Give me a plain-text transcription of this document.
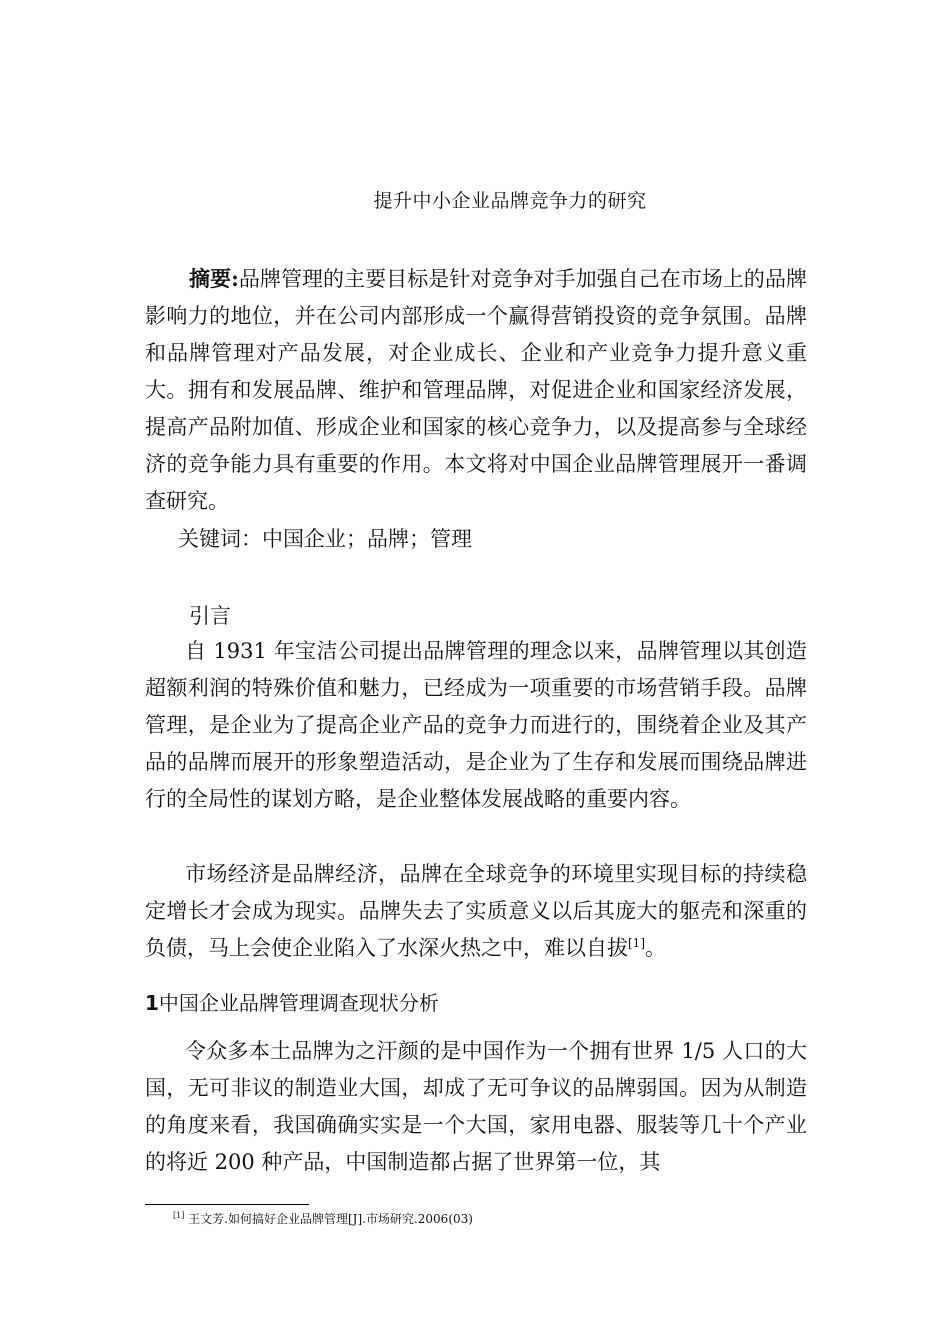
提升中小企业品牌竞争力的研究

摘要:品牌管理的主要目标是针对竞争对手加强自己在市场上的品牌影响力的地位，并在公司内部形成一个赢得营销投资的竞争氛围。品牌和品牌管理对产品发展，对企业成长、企业和产业竞争力提升意义重大。拥有和发展品牌、维护和管理品牌，对促进企业和国家经济发展，提高产品附加值、形成企业和国家的核心竞争力，以及提高参与全球经济的竞争能力具有重要的作用。本文将对中国企业品牌管理展开一番调查研究。

关键词：中国企业；品牌；管理

引言

自 1931 年宝洁公司提出品牌管理的理念以来，品牌管理以其创造超额利润的特殊价值和魅力，已经成为一项重要的市场营销手段。品牌管理，是企业为了提高企业产品的竞争力而进行的，围绕着企业及其产品的品牌而展开的形象塑造活动，是企业为了生存和发展而围绕品牌进行的全局性的谋划方略，是企业整体发展战略的重要内容。

市场经济是品牌经济，品牌在全球竞争的环境里实现目标的持续稳定增长才会成为现实。品牌失去了实质意义以后其庞大的躯壳和深重的负债，马上会使企业陷入了水深火热之中，难以自拔[1]。

1中国企业品牌管理调查现状分析

令众多本土品牌为之汗颜的是中国作为一个拥有世界 1/5 人口的大国，无可非议的制造业大国，却成了无可争议的品牌弱国。因为从制造的角度来看，我国确确实实是一个大国，家用电器、服装等几十个产业的将近 200 种产品，中国制造都占据了世界第一位，其

[1] 王文芳.如何搞好企业品牌管理[J].市场研究.2006(03)
